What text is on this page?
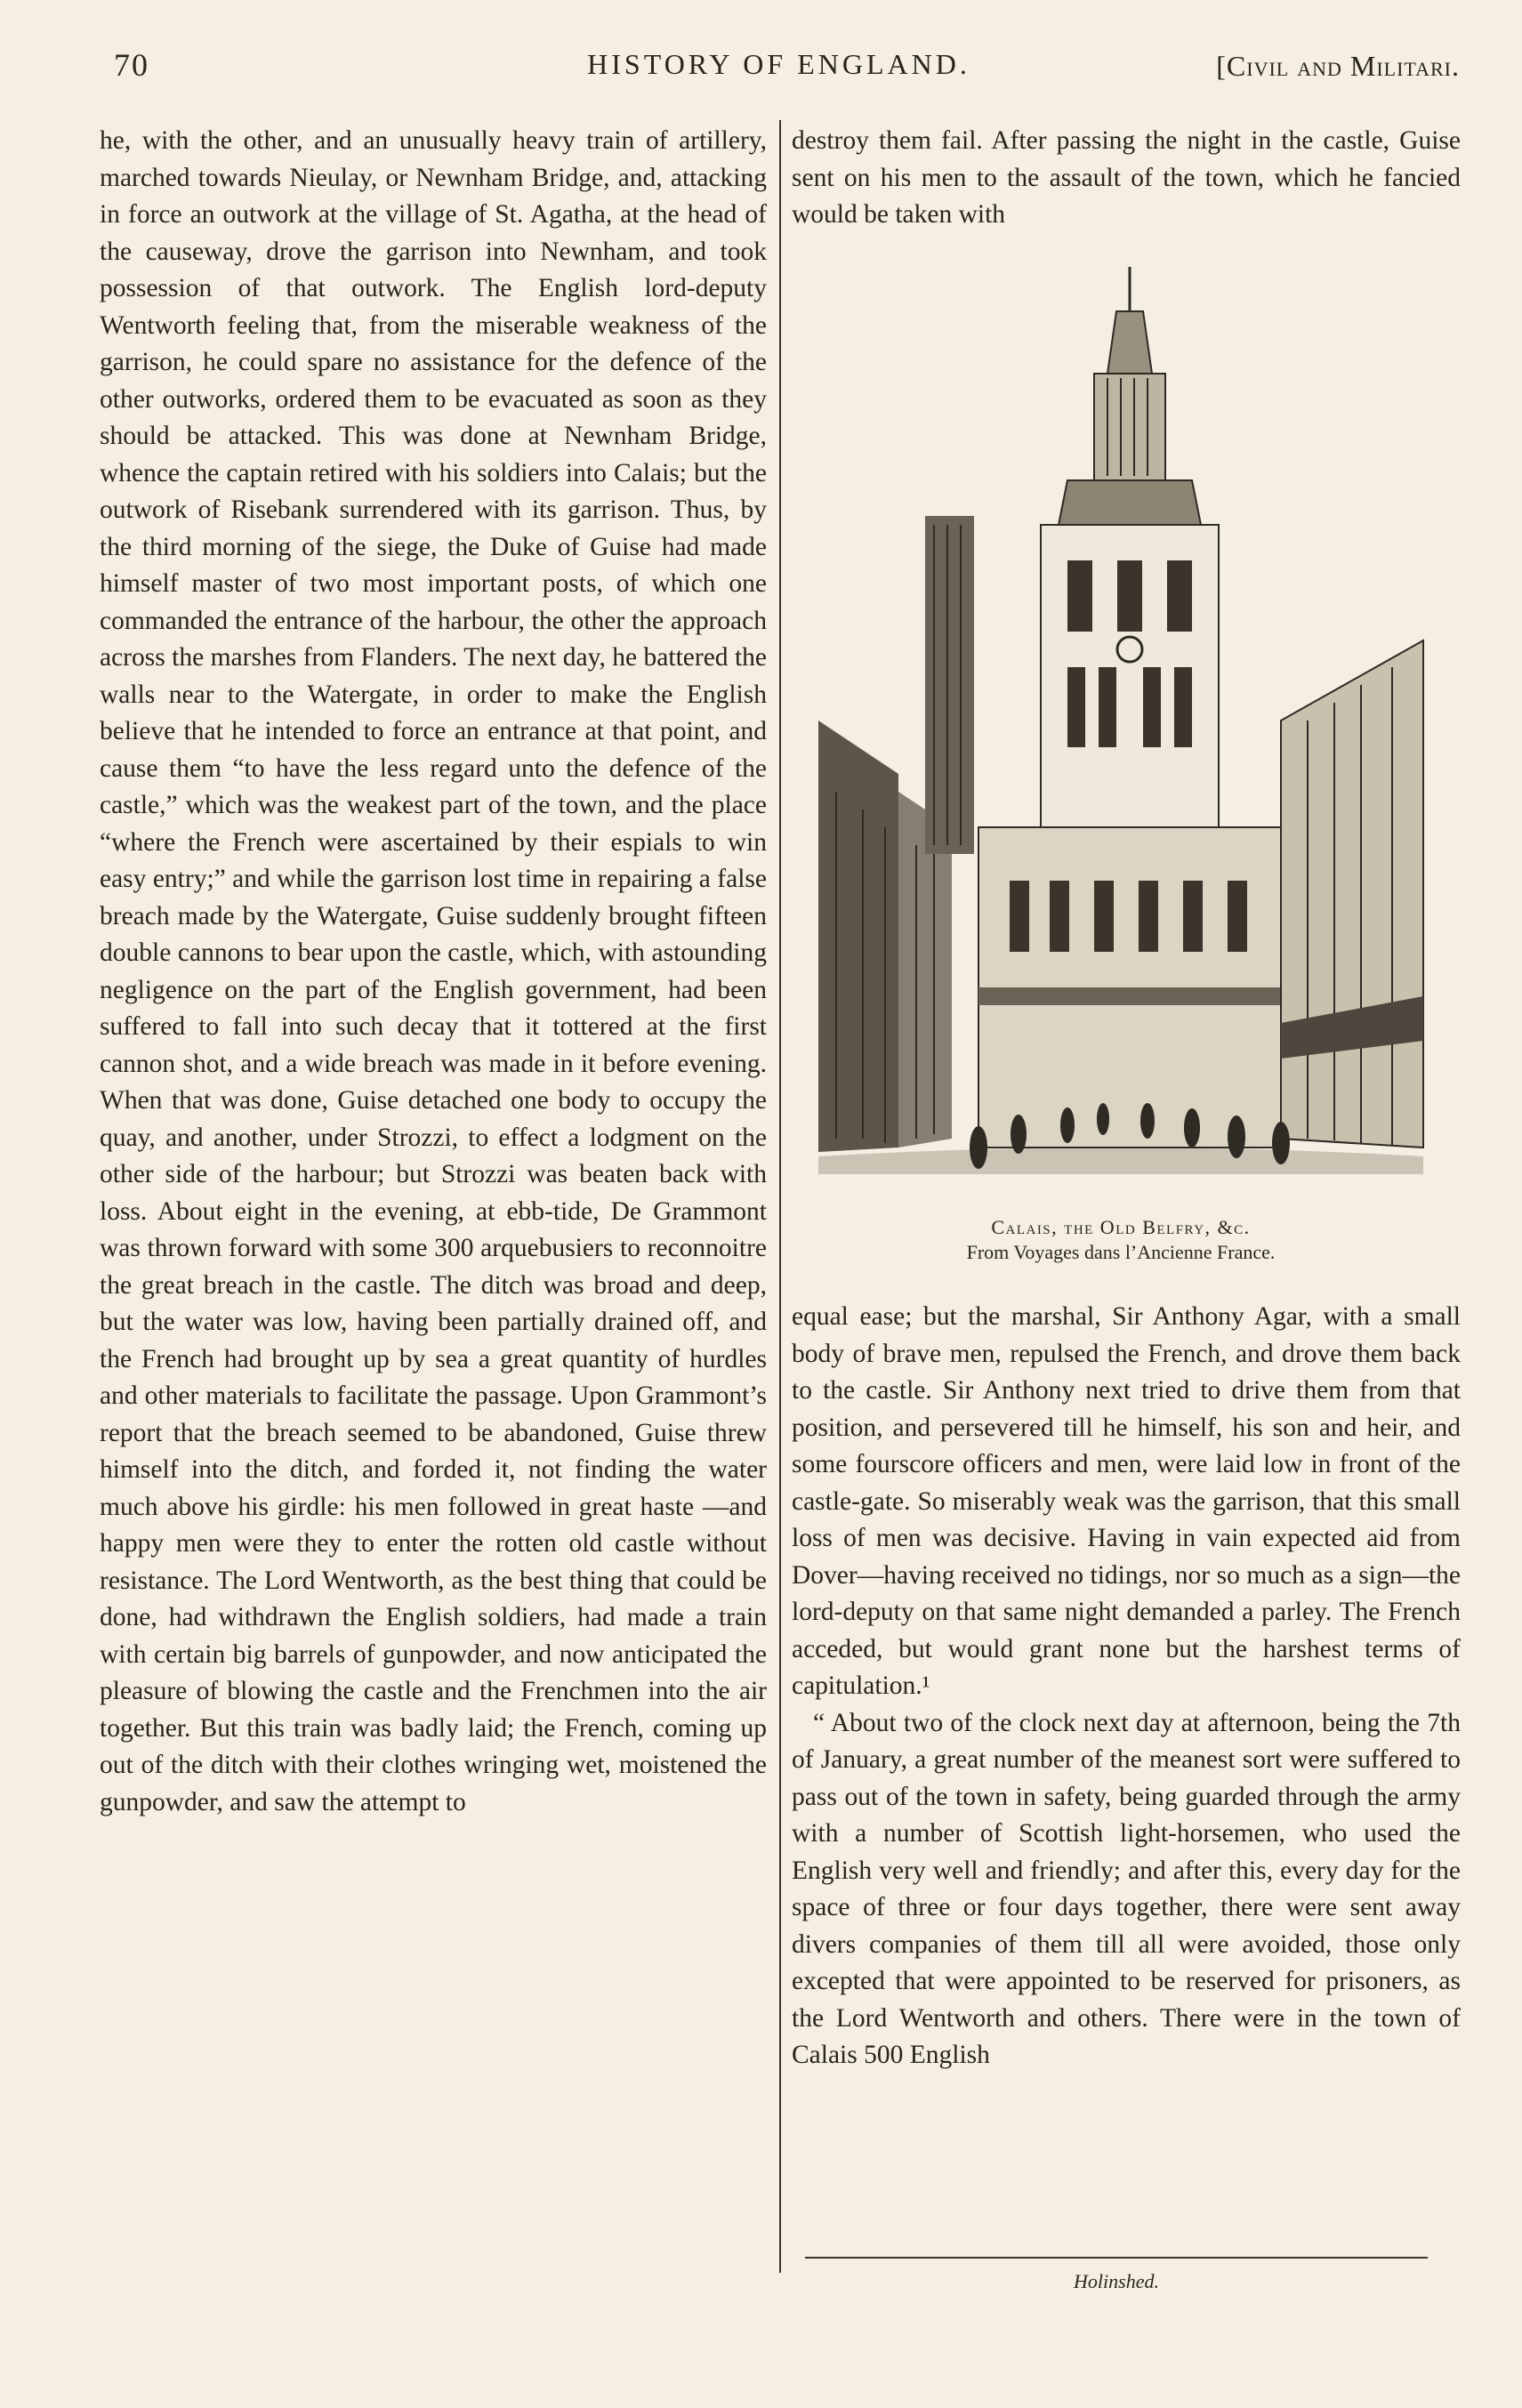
70	HISTORY OF ENGLAND.	[Civil and Militari.

he, with the other, and an unusually heavy train of artillery, marched towards Nieulay, or Newnham Bridge, and, attacking in force an outwork at the village of St. Agatha, at the head of the causeway, drove the garrison into Newnham, and took possession of that outwork. The English lord-deputy Wentworth feeling that, from the miserable weakness of the garrison, he could spare no assistance for the defence of the other outworks, ordered them to be evacuated as soon as they should be attacked. This was done at Newnham Bridge, whence the captain retired with his soldiers into Calais; but the outwork of Risebank surrendered with its garrison. Thus, by the third morning of the siege, the Duke of Guise had made himself master of two most important posts, of which one commanded the entrance of the harbour, the other the approach across the marshes from Flanders. The next day, he battered the walls near to the Watergate, in order to make the English believe that he intended to force an entrance at that point, and cause them “to have the less regard unto the defence of the castle,” which was the weakest part of the town, and the place “where the French were ascertained by their espials to win easy entry;” and while the garrison lost time in repairing a false breach made by the Watergate, Guise suddenly brought fifteen double cannons to bear upon the castle, which, with astounding negligence on the part of the English government, had been suffered to fall into such decay that it tottered at the first cannon shot, and a wide breach was made in it before evening. When that was done, Guise detached one body to occupy the quay, and another, under Strozzi, to effect a lodgment on the other side of the harbour; but Strozzi was beaten back with loss. About eight in the evening, at ebb-tide, De Grammont was thrown forward with some 300 arquebusiers to reconnoitre the great breach in the castle. The ditch was broad and deep, but the water was low, having been partially drained off, and the French had brought up by sea a great quantity of hurdles and other materials to facilitate the passage. Upon Grammont’s report that the breach seemed to be abandoned, Guise threw himself into the ditch, and forded it, not finding the water much above his girdle: his men followed in great haste —and happy men were they to enter the rotten old castle without resistance. The Lord Wentworth, as the best thing that could be done, had withdrawn the English soldiers, had made a train with certain big barrels of gunpowder, and now anticipated the pleasure of blowing the castle and the Frenchmen into the air together. But this train was badly laid; the French, coming up out of the ditch with their clothes wringing wet, moistened the gunpowder, and saw the attempt to

destroy them fail. After passing the night in the castle, Guise sent on his men to the assault of the town, which he fancied would be taken with

Calais, the Old Belfry, &c.
From Voyages dans l’Ancienne France.

equal ease; but the marshal, Sir Anthony Agar, with a small body of brave men, repulsed the French, and drove them back to the castle. Sir Anthony next tried to drive them from that position, and persevered till he himself, his son and heir, and some fourscore officers and men, were laid low in front of the castle-gate. So miserably weak was the garrison, that this small loss of men was decisive. Having in vain expected aid from Dover—having received no tidings, nor so much as a sign—the lord-deputy on that same night demanded a parley. The French acceded, but would grant none but the harshest terms of capitulation.¹

“ About two of the clock next day at afternoon, being the 7th of January, a great number of the meanest sort were suffered to pass out of the town in safety, being guarded through the army with a number of Scottish light-horsemen, who used the English very well and friendly; and after this, every day for the space of three or four days together, there were sent away divers companies of them till all were avoided, those only excepted that were appointed to be reserved for prisoners, as the Lord Wentworth and others. There were in the town of Calais 500 English

Holinshed.
